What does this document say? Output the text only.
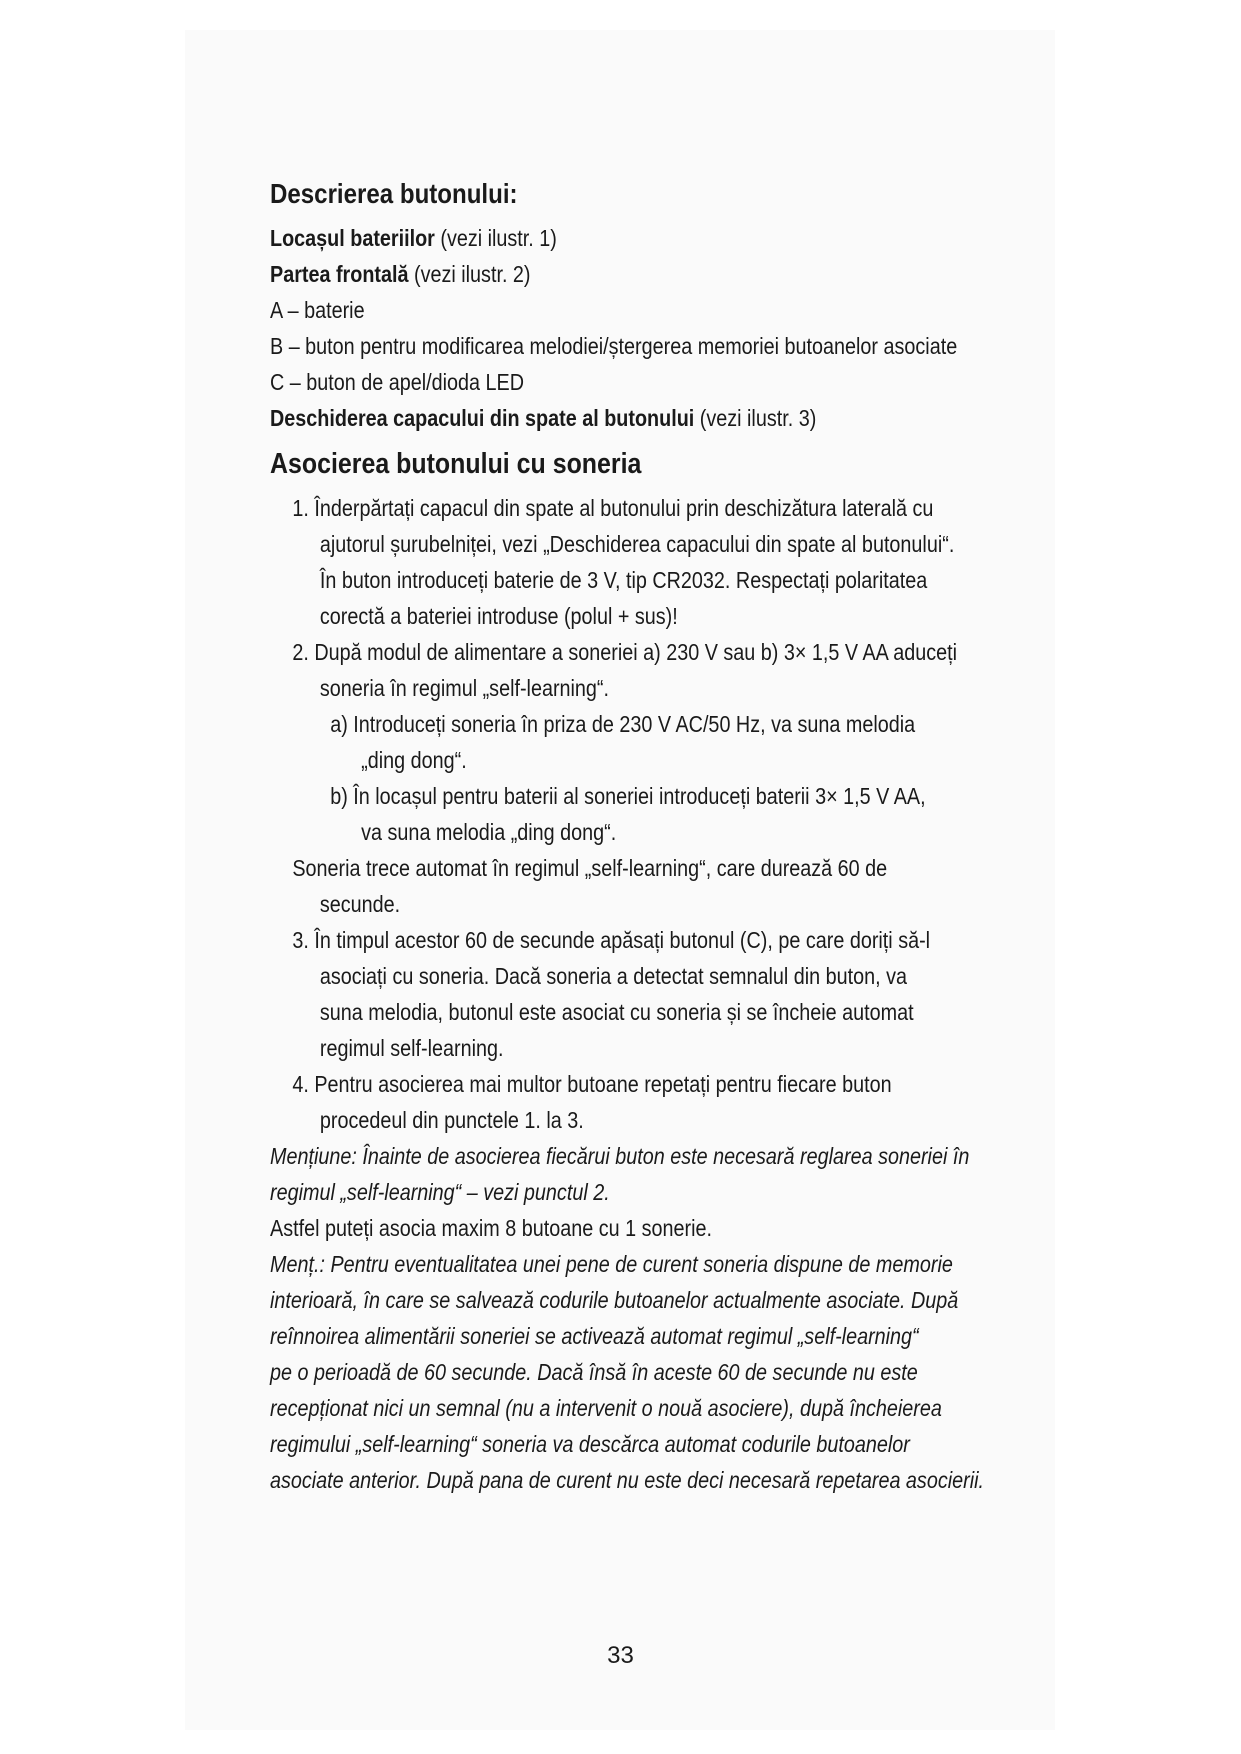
Descrierea butonului:

Locașul bateriilor (vezi ilustr. 1)

Partea frontală (vezi ilustr. 2)

A – baterie

B – buton pentru modificarea melodiei/ștergerea memoriei butoanelor asociate

C – buton de apel/dioda LED

Deschiderea capacului din spate al butonului (vezi ilustr. 3)

Asocierea butonului cu soneria

1. Înderpărtați capacul din spate al butonului prin deschizătura laterală cu

ajutorul șurubelniței, vezi „Deschiderea capacului din spate al butonului“.

În buton introduceți baterie de 3 V, tip CR2032. Respectați polaritatea

corectă a bateriei introduse (polul + sus)!

2. După modul de alimentare a soneriei a) 230 V sau b) 3× 1,5 V AA aduceți

soneria în regimul „self-learning“.

a) Introduceți soneria în priza de 230 V AC/50 Hz, va suna melodia

„ding dong“.

b) În locașul pentru baterii al soneriei introduceți baterii 3× 1,5 V AA,

va suna melodia „ding dong“.

Soneria trece automat în regimul „self-learning“, care durează 60 de

secunde.

3. În timpul acestor 60 de secunde apăsați butonul (C), pe care doriți să-l

asociați cu soneria. Dacă soneria a detectat semnalul din buton, va

suna melodia, butonul este asociat cu soneria și se încheie automat

regimul self-learning.

4. Pentru asocierea mai multor butoane repetați pentru fiecare buton

procedeul din punctele 1. la 3.

Mențiune: Înainte de asocierea fiecărui buton este necesară reglarea soneriei în

regimul „self-learning“ – vezi punctul 2.

Astfel puteți asocia maxim 8 butoane cu 1 sonerie.

Menț.: Pentru eventualitatea unei pene de curent soneria dispune de memorie

interioară, în care se salvează codurile butoanelor actualmente asociate. După

reînnoirea alimentării soneriei se activează automat regimul „self-learning“

pe o perioadă de 60 secunde. Dacă însă în aceste 60 de secunde nu este

recepționat nici un semnal (nu a intervenit o nouă asociere), după încheierea

regimului „self-learning“ soneria va descărca automat codurile butoanelor

asociate anterior. După pana de curent nu este deci necesară repetarea asocierii.

33
